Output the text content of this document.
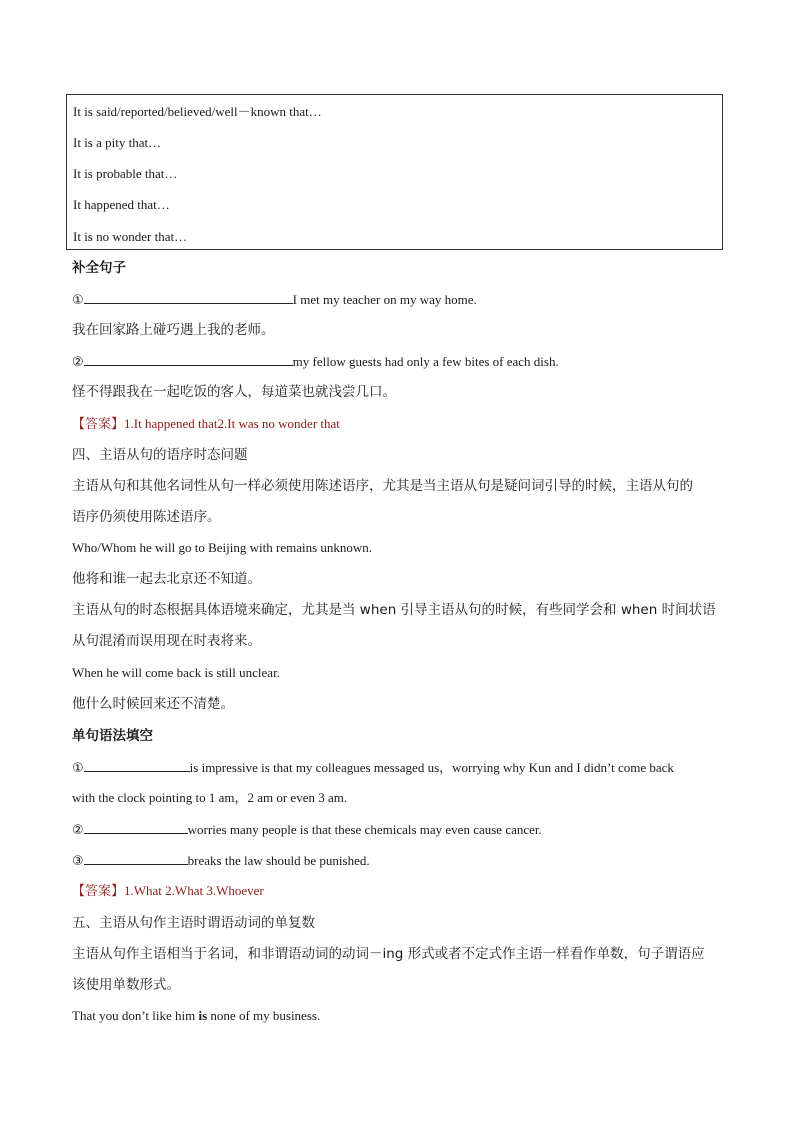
It is said/reported/believed/well－known that…
It is a pity that…
It is probable that…
It happened that…
It is no wonder that…
补全句子
①	I met my teacher on my way home.
我在回家路上碰巧遇上我的老师。
②	my fellow guests had only a few bites of each dish.
怪不得跟我在一起吃饭的客人，每道菜也就浅尝几口。
【答案】1.It happened that2.It was no wonder that
四、主语从句的语序时态问题
主语从句和其他名词性从句一样必须使用陈述语序，尤其是当主语从句是疑问词引导的时候，主语从句的
语序仍须使用陈述语序。
Who/Whom he will go to Beijing with remains unknown.
他将和谁一起去北京还不知道。
主语从句的时态根据具体语境来确定，尤其是当 when 引导主语从句的时候，有些同学会和 when 时间状语
从句混淆而误用现在时表将来。
When he will come back is still unclear.
他什么时候回来还不清楚。
单句语法填空
①	is impressive is that my colleagues messaged us，worrying why Kun and I didn’t come back
with the clock pointing to 1 am，2 am or even 3 am.
②	worries many people is that these chemicals may even cause cancer.
③	breaks the law should be punished.
【答案】1.What 2.What 3.Whoever
五、主语从句作主语时谓语动词的单复数
主语从句作主语相当于名词，和非谓语动词的动词－ing 形式或者不定式作主语一样看作单数，句子谓语应
该使用单数形式。
That you don’t like him is none of my business.
